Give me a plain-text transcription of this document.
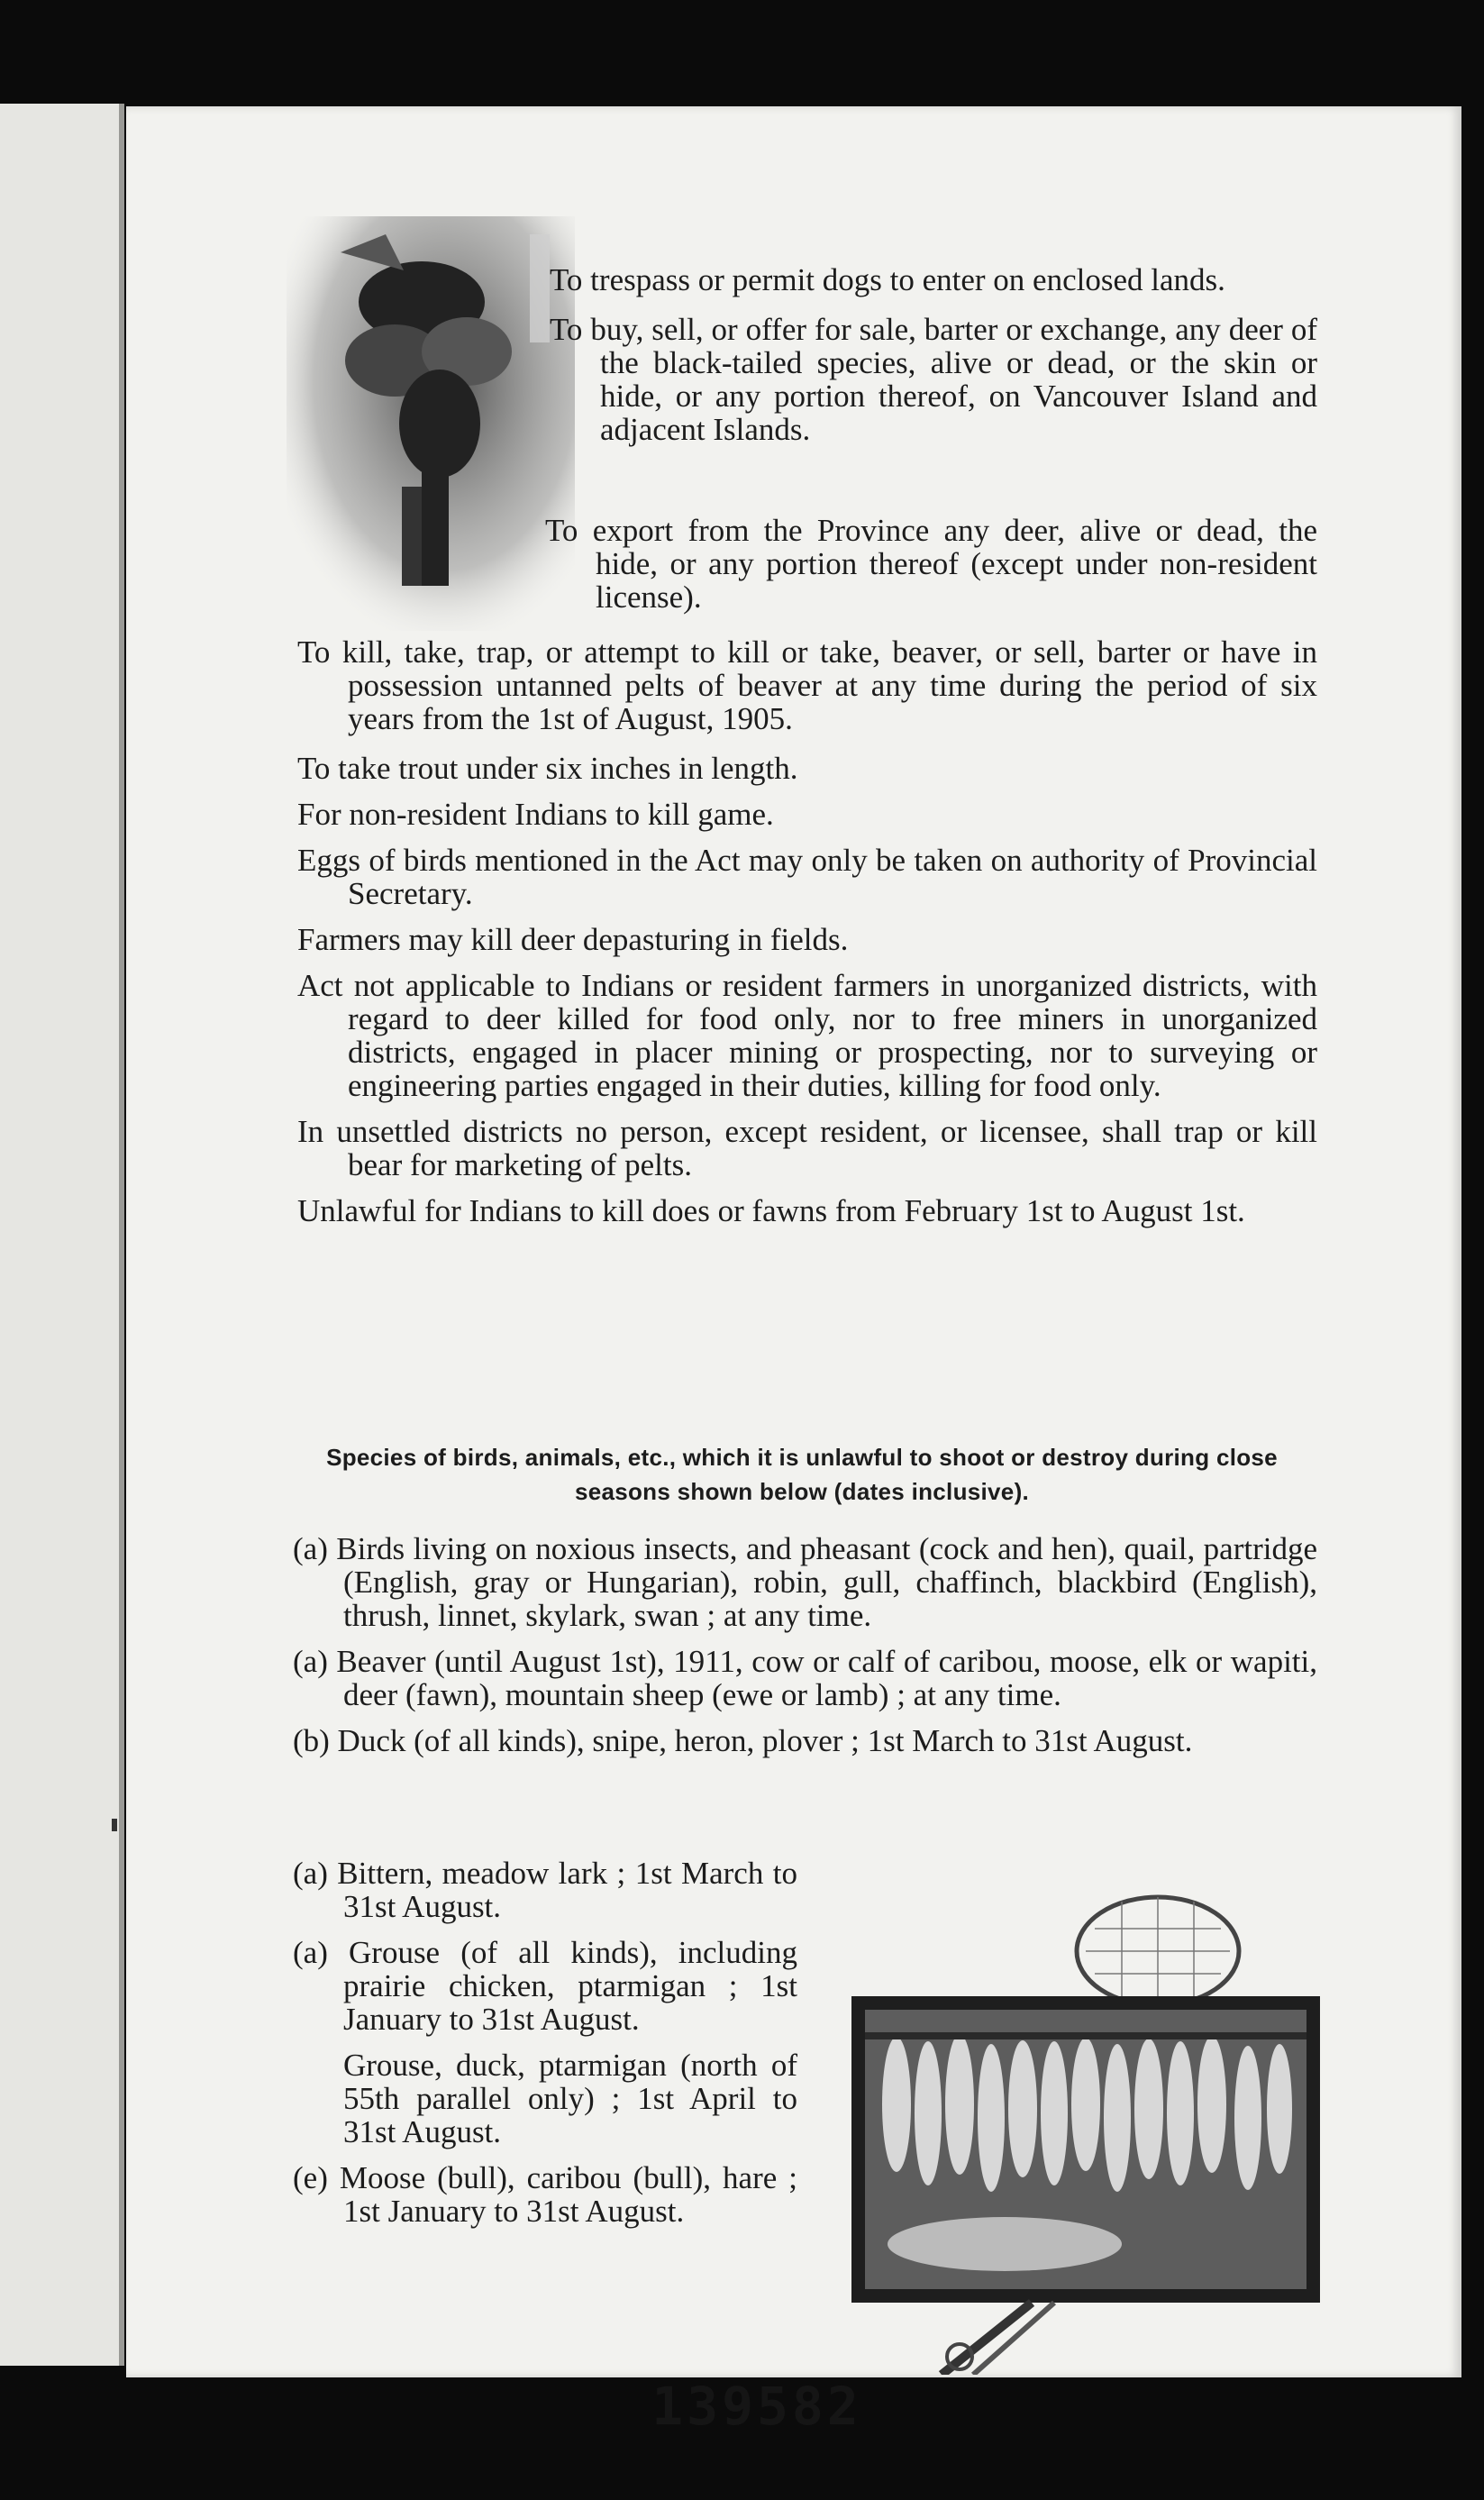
To trespass or permit dogs to enter on enclosed lands.

To buy, sell, or offer for sale, barter or exchange, any deer of the black-tailed species, alive or dead, or the skin or hide, or any portion thereof, on Vancouver Island and adjacent Islands.

To export from the Province any deer, alive or dead, the hide, or any portion thereof (except under non-resident license).

To kill, take, trap, or attempt to kill or take, beaver, or sell, barter or have in possession untanned pelts of beaver at any time during the period of six years from the 1st of August, 1905.

To take trout under six inches in length.

For non-resident Indians to kill game.

Eggs of birds mentioned in the Act may only be taken on authority of Provincial Secretary.

Farmers may kill deer depasturing in fields.

Act not applicable to Indians or resident farmers in unorganized districts, with regard to deer killed for food only, nor to free miners in unorganized districts, engaged in placer mining or prospecting, nor to surveying or engineering parties engaged in their duties, killing for food only.

In unsettled districts no person, except resident, or licensee, shall trap or kill bear for marketing of pelts.

Unlawful for Indians to kill does or fawns from February 1st to August 1st.

Species of birds, animals, etc., which it is unlawful to shoot or destroy during close seasons shown below (dates inclusive).

(a) Birds living on noxious insects, and pheasant (cock and hen), quail, partridge (English, gray or Hungarian), robin, gull, chaffinch, blackbird (English), thrush, linnet, skylark, swan ; at any time.

(a) Beaver (until August 1st), 1911, cow or calf of caribou, moose, elk or wapiti, deer (fawn), mountain sheep (ewe or lamb) ; at any time.

(b) Duck (of all kinds), snipe, heron, plover ; 1st March to 31st August.

(a) Bittern, meadow lark ; 1st March to 31st August.

(a) Grouse (of all kinds), including prairie chicken, ptarmigan ; 1st January to 31st August.

Grouse, duck, ptarmigan (north of 55th parallel only) ; 1st April to 31st August.

(e) Moose (bull), caribou (bull), hare ; 1st January to 31st August.

139582
